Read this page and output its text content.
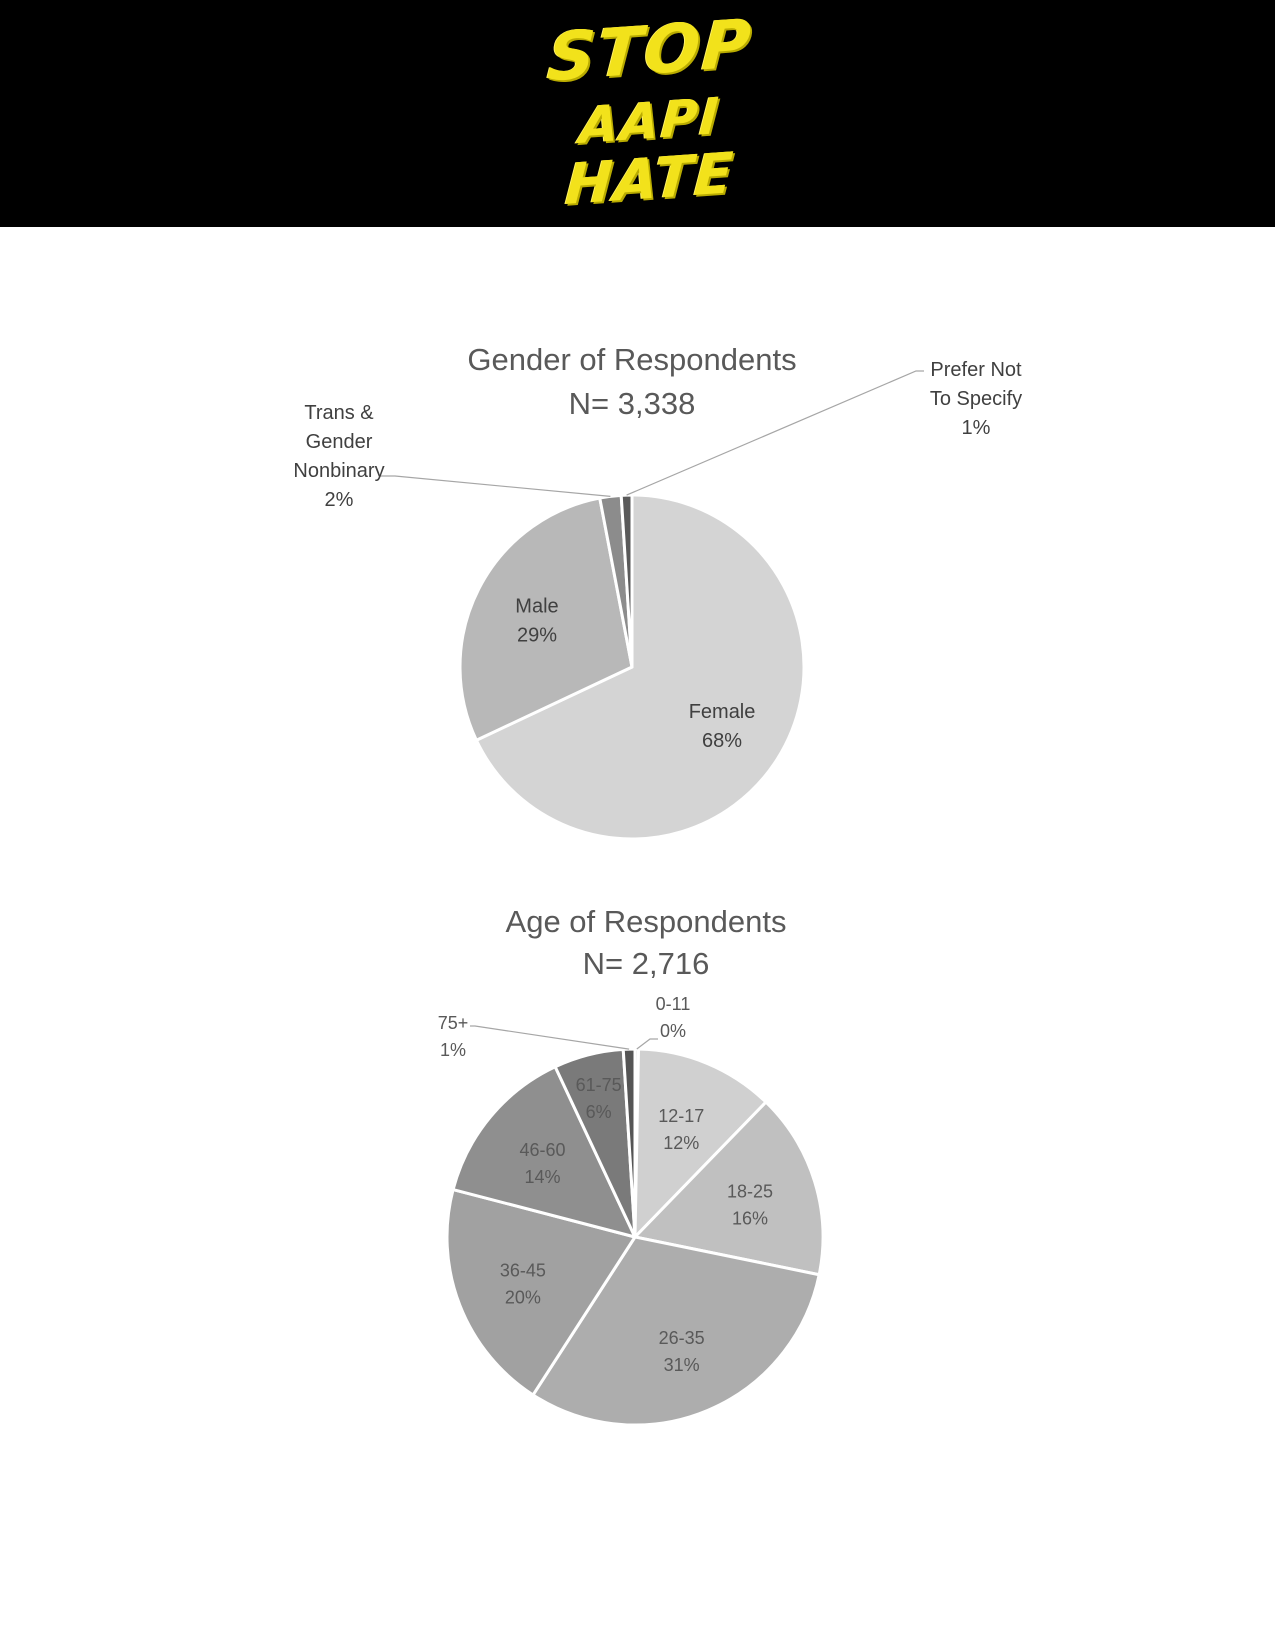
STOP
AAPI
HATE
Gender of Respondents
N= 3,338
Female 68%
Male 29%
Trans & Gender Nonbinary 2%
Prefer Not To Specify 1%
Age of Respondents
N= 2,716
12-17 12%
18-25 16%
26-35 31%
36-45 20%
46-60 14%
61-75 6%
0-11 0%
75+ 1%
